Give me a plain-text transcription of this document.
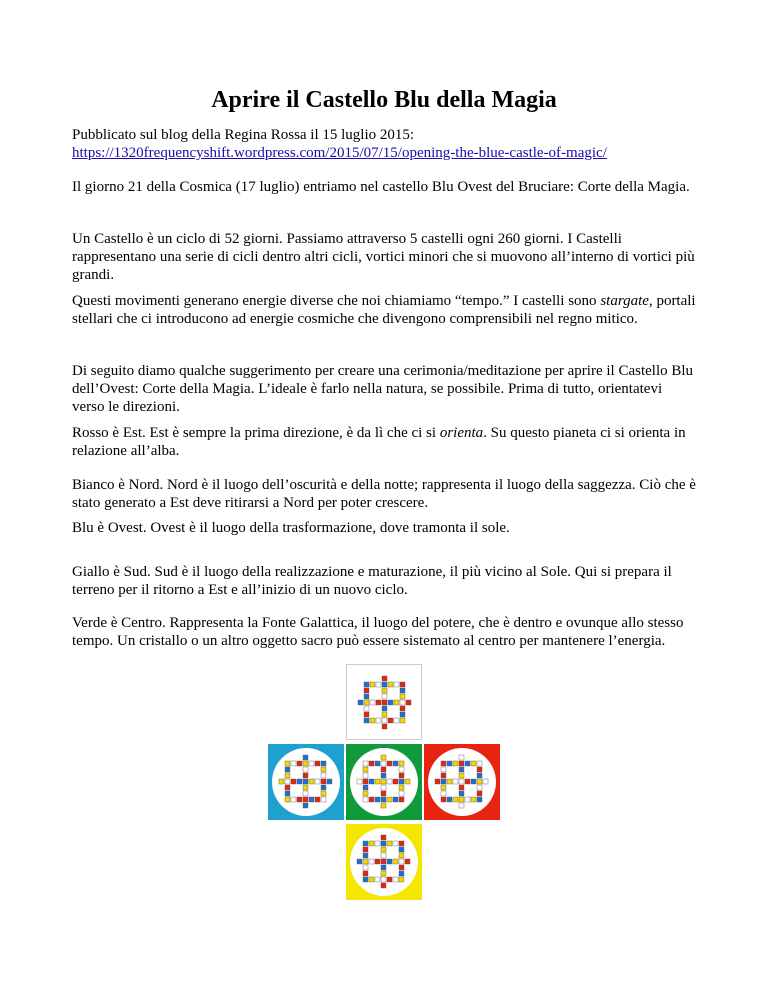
Aprire il Castello Blu della Magia
Pubblicato sul blog della Regina Rossa il 15 luglio 2015:
https://1320frequencyshift.wordpress.com/2015/07/15/opening-the-blue-castle-of-magic/

Il giorno 21 della Cosmica (17 luglio) entriamo nel castello Blu Ovest del Bruciare: Corte della Magia.

Un Castello è un ciclo di 52 giorni. Passiamo attraverso 5 castelli ogni 260 giorni. I Castelli rappresentano una serie di cicli dentro altri cicli, vortici minori che si muovono all’interno di vortici più grandi.

Questi movimenti generano energie diverse che noi chiamiamo “tempo.” I castelli sono stargate, portali stellari che ci introducono ad energie cosmiche che divengono comprensibili nel regno mitico.

Di seguito diamo qualche suggerimento per creare una cerimonia/meditazione per aprire il Castello Blu dell’Ovest: Corte della Magia. L’ideale è farlo nella natura, se possibile. Prima di tutto, orientatevi verso le direzioni.

Rosso è Est. Est è sempre la prima direzione, è da lì che ci si orienta. Su questo pianeta ci si orienta in relazione all’alba.

Bianco è Nord. Nord è il luogo dell’oscurità e della notte; rappresenta il luogo della saggezza. Ciò che è stato generato a Est deve ritirarsi a Nord per poter crescere.

Blu è Ovest. Ovest è il luogo della trasformazione, dove tramonta il sole.

Giallo è Sud. Sud è il luogo della realizzazione e maturazione, il più vicino al Sole. Qui si prepara il terreno per il ritorno a Est e all’inizio di un nuovo ciclo.

Verde è Centro. Rappresenta la Fonte Galattica, il luogo del potere, che è dentro e ovunque allo stesso tempo. Un cristallo o un altro oggetto sacro può essere sistemato al centro per mantenere l’energia.
